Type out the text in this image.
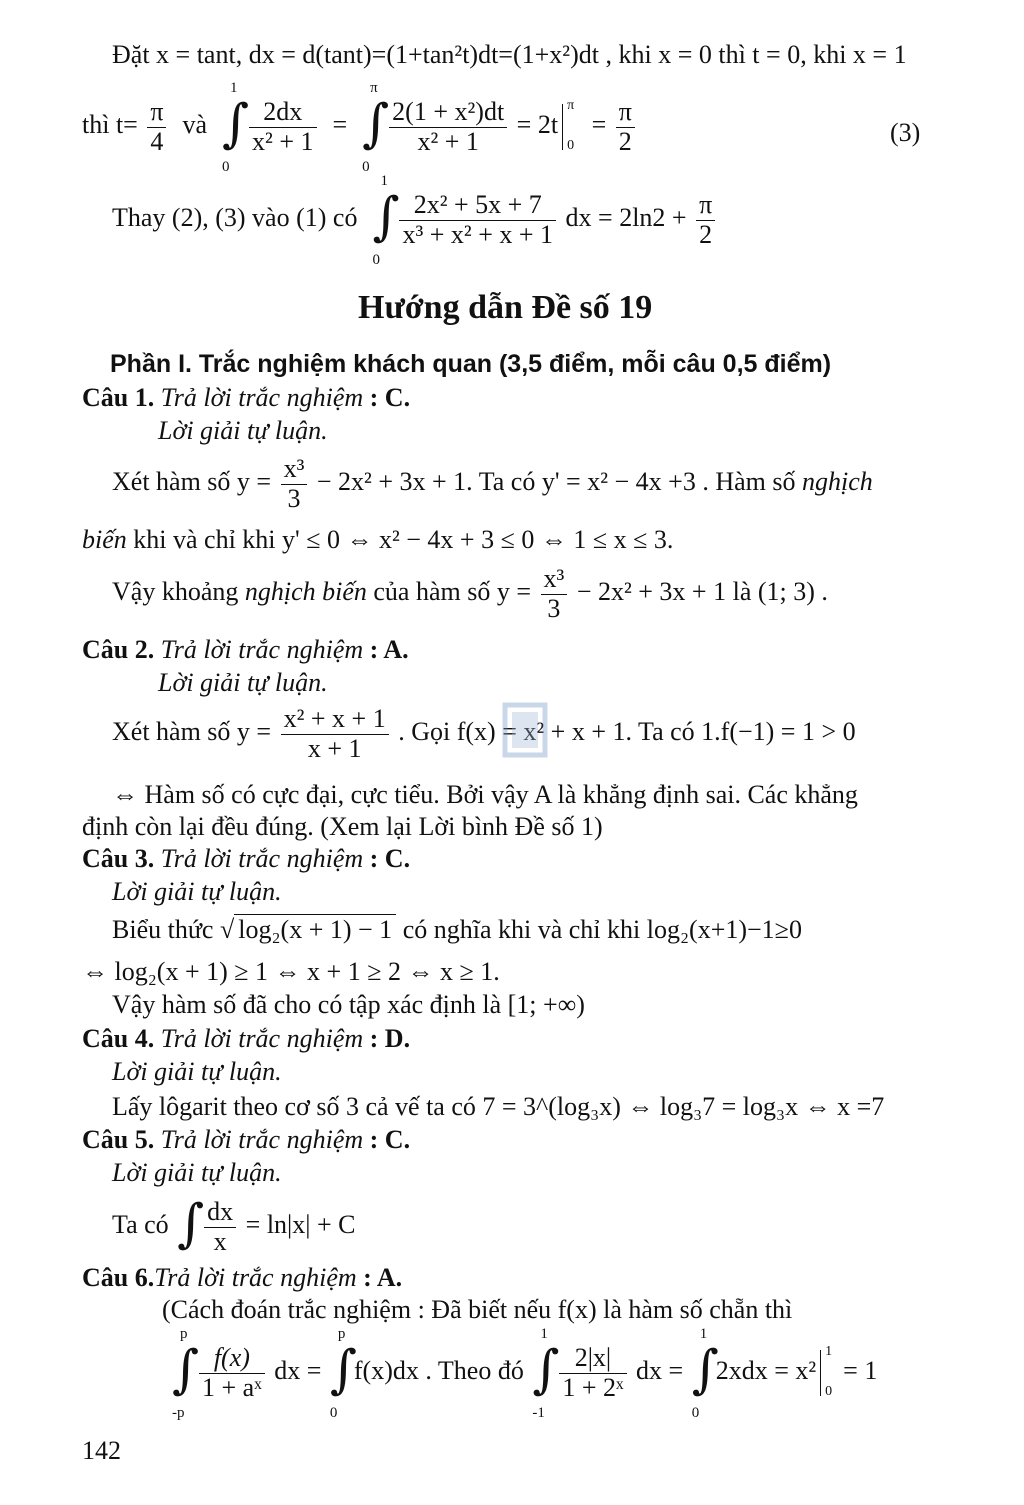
Đặt x = tant, dx = d(tant)=(1+tan²t)dt=(1+x²)dt , khi x = 0 thì t = 0, khi x = 1
thì $t= \frac{\pi}{4}$ và ∫
1
0
$\frac{2dx}{\text{x² + 1}}$ = ∫
π
0
$\frac{\text{2(1 + x²)dt}}{\text{x² + 1}} = 2t$
π
0
= $\frac{\pi}{2}$	(3)
Thay (2), (3) vào (1) có ∫
1
0
$\frac{\text{2x² + 5x + 7}}{\text{x³ + x² + x + 1}}$ dx = $2\ln 2 + \frac{\pi}{2}$
Hướng dẫn Đề số 19
Phần I. Trắc nghiệm khách quan (3,5 điểm, mỗi câu 0,5 điểm)
Câu 1. Trả lời trắc nghiệm : C.
Lời giải tự luận.
Xét hàm số $y = \frac{\text{x³}}{3} - 2x^2 + 3x + 1$. Ta có y' = x² − 4x +3 . Hàm số nghịch
biến khi và chỉ khi y' ≤ 0 ⇔ x² − 4x + 3 ≤ 0 ⇔ 1 ≤ x ≤ 3.
Vậy khoảng nghịch biến của hàm số $y = \frac{\text{x³}}{3} - 2x^2 + 3x + 1$ là (1; 3) .
Câu 2. Trả lời trắc nghiệm : A.
Lời giải tự luận.
Xét hàm số $y = \frac{\text{x² + x + 1}}{x + 1}$ . Gọi f(x) = x² + x + 1. Ta có 1.f(−1) = 1 > 0
⇔ Hàm số có cực đại, cực tiểu. Bởi vậy A là khẳng định sai. Các khẳng
định còn lại đều đúng. (Xem lại Lời bình Đề số 1)
Câu 3. Trả lời trắc nghiệm : C.
Lời giải tự luận.
Biểu thức √ log₂(x + 1) − 1 có nghĩa khi và chỉ khi log₂(x+1)−1≥0
⇔ log₂(x + 1) ≥ 1 ⇔ x + 1 ≥ 2 ⇔ x ≥ 1.
Vậy hàm số đã cho có tập xác định là [1; +∞)
Câu 4. Trả lời trắc nghiệm : D.
Lời giải tự luận.
Lấy lôgarit theo cơ số 3 cả vế ta có 7 = 3^(log₃x) ⇔ log₃7 = log₃x ⇔ x =7
Câu 5. Trả lời trắc nghiệm : C.
Lời giải tự luận.
Ta có ∫ $\frac{dx}{x} = \ln|x| + C$
Câu 6.Trả lời trắc nghiệm : A.
(Cách đoán trắc nghiệm : Đã biết nếu f(x) là hàm số chẵn thì
∫
p
-p
$\frac{f(x)}{\text{1 + aˣ}}$ dx = ∫
p
0
f(x)dx . Theo đó ∫
1
-1
$\frac{2|x|}{\text{1 + 2ˣ}}$ dx = ∫
1
0
2xdx = x²
1
0
= 1
142
